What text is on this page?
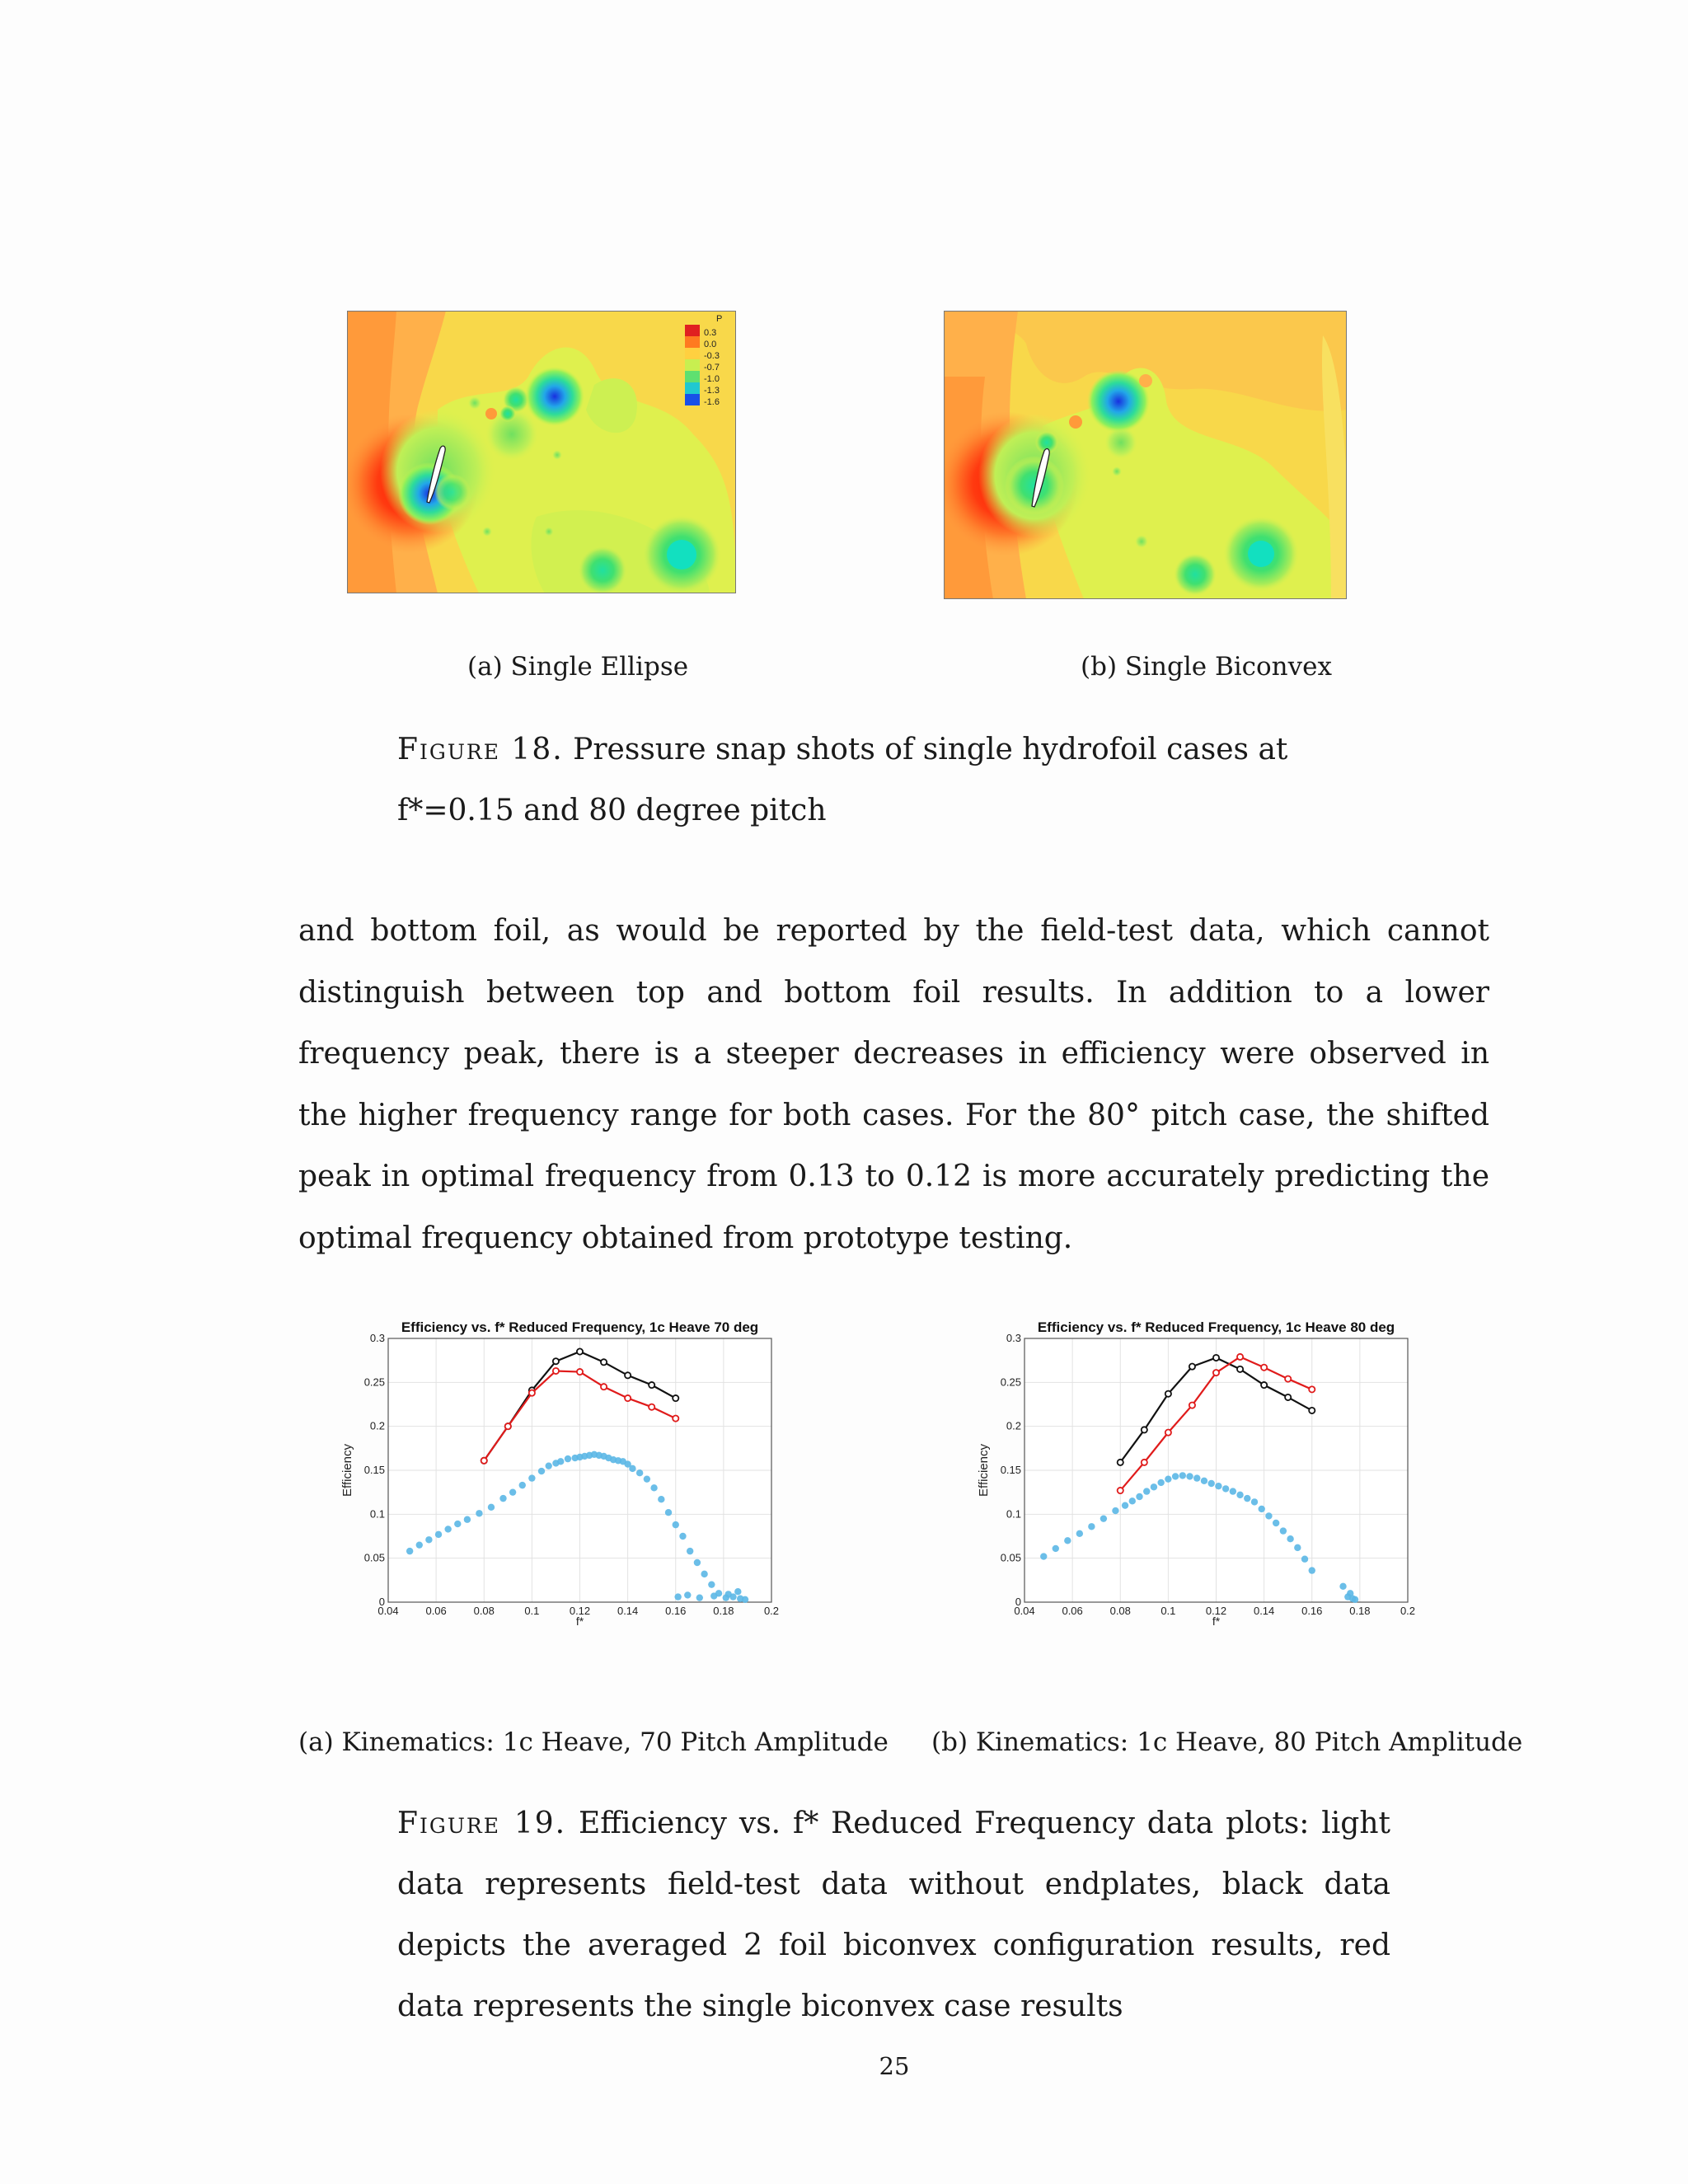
P
0.3
0.0
-0.3
-0.7
-1.0
-1.3
-1.6
(a) Single Ellipse	(b) Single Biconvex
Figure 18. Pressure snap shots of single hydrofoil cases at f*=0.15 and 80 degree pitch
and bottom foil, as would be reported by the field-test data, which cannot distinguish between top and bottom foil results. In addition to a lower frequency peak, there is a steeper decreases in efficiency were observed in the higher frequency range for both cases. For the 80° pitch case, the shifted peak in optimal frequency from 0.13 to 0.12 is more accurately predicting the optimal frequency obtained from prototype testing.
0.04	0.06	0.08	0.1	0.12	0.14	0.16	0.18	0.2
0
0.05
0.1
0.15
0.2
0.25
0.3
Efficiency vs. f* Reduced Frequency, 1c Heave 70 deg
f*
Efficiency
0.04	0.06	0.08	0.1	0.12	0.14	0.16	0.18	0.2
0
0.05
0.1
0.15
0.2
0.25
0.3
Efficiency vs. f* Reduced Frequency, 1c Heave 80 deg
f*
Efficiency
(a) Kinematics: 1c Heave, 70 Pitch Amplitude (b) Kinematics: 1c Heave, 80 Pitch Amplitude
Figure 19. Efficiency vs. f* Reduced Frequency data plots: light data represents field-test data without endplates, black data depicts the averaged 2 foil biconvex configuration results, red data represents the single biconvex case results
25
